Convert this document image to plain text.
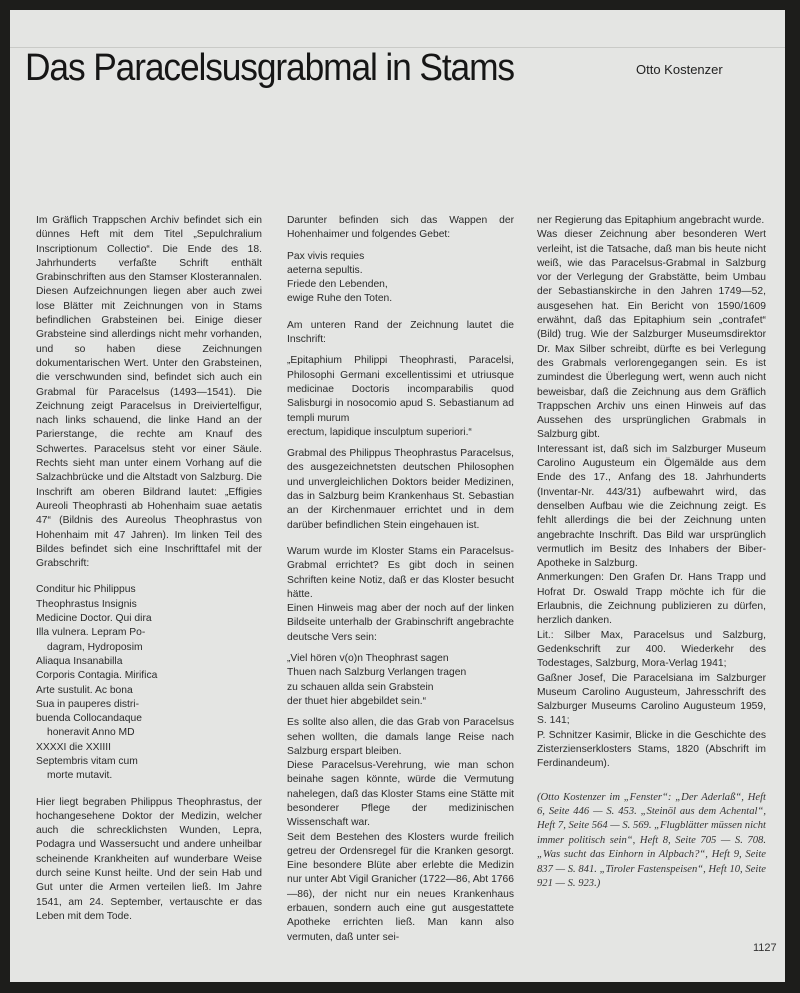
Das Paracelsusgrabmal in Stams	Otto Kostenzer

Im Gräflich Trappschen Archiv befindet sich ein dünnes Heft mit dem Titel „Sepulchralium Inscriptionum Collectio“. Die Ende des 18. Jahrhunderts verfaßte Schrift enthält Grabinschriften aus den Stamser Klosterannalen. Diesen Aufzeichnungen liegen aber auch zwei lose Blätter mit Zeichnungen von in Stams befindlichen Grabsteinen bei. Einige dieser Grabsteine sind allerdings nicht mehr vorhanden, und so haben diese Zeichnungen dokumentarischen Wert. Unter den Grabsteinen, die verschwunden sind, befindet sich auch ein Grabmal für Paracelsus (1493—1541). Die Zeichnung zeigt Paracelsus in Dreiviertelfigur, nach links schauend, die linke Hand an der Parierstange, die rechte am Knauf des Schwertes. Paracelsus steht vor einer Säule. Rechts sieht man unter einem Vorhang auf die Salzachbrücke und die Altstadt von Salzburg. Die Inschrift am oberen Bildrand lautet: „Effigies Aureoli Theophrasti ab Hohenhaim suae aetatis 47“ (Bildnis des Aureolus Theophrastus von Hohenhaim mit 47 Jahren). Im linken Teil des Bildes befindet sich eine Inschrifttafel mit der Grabschrift:

Conditur hic Philippus
Theophrastus Insignis
Medicine Doctor. Qui dira
Illa vulnera. Lepram Po-
dagram, Hydroposim
Aliaqua Insanabilla
Corporis Contagia. Mirifica
Arte sustulit. Ac bona
Sua in pauperes distri-
buenda Collocandaque
honeravit Anno MD
XXXXI die XXIIII
Septembris vitam cum
morte mutavit.

Hier liegt begraben Philippus Theophrastus, der hochangesehene Doktor der Medizin, welcher auch die schrecklichsten Wunden, Lepra, Podagra und Wassersucht und andere unheilbar scheinende Krankheiten auf wunderbare Weise durch seine Kunst heilte. Und der sein Hab und Gut unter die Armen verteilen ließ. Im Jahre 1541, am 24. September, vertauschte er das Leben mit dem Tode.

Darunter befinden sich das Wappen der Hohenhaimer und folgendes Gebet:

Pax vivis requies
aeterna sepultis.
Friede den Lebenden,
ewige Ruhe den Toten.

Am unteren Rand der Zeichnung lautet die Inschrift:

„Epitaphium Philippi Theophrasti, Paracelsi, Philosophi Germani excellentissimi et utriusque medicinae Doctoris incomparabilis quod Salisburgi in nosocomio apud S. Sebastianum ad templi murum

erectum, lapidique insculptum superiori.“

Grabmal des Philippus Theophrastus Paracelsus, des ausgezeichnetsten deutschen Philosophen und unvergleichlichen Doktors beider Medizinen, das in Salzburg beim Krankenhaus St. Sebastian an der Kirchenmauer errichtet und in dem darüber befindlichen Stein eingehauen ist.

Warum wurde im Kloster Stams ein Paracelsus-Grabmal errichtet? Es gibt doch in seinen Schriften keine Notiz, daß er das Kloster besucht hätte.

Einen Hinweis mag aber der noch auf der linken Bildseite unterhalb der Grabinschrift angebrachte deutsche Vers sein:

„Viel hören v(o)n Theophrast sagen
Thuen nach Salzburg Verlangen tragen
zu schauen allda sein Grabstein
der thuet hier abgebildet sein.“

Es sollte also allen, die das Grab von Paracelsus sehen wollten, die damals lange Reise nach Salzburg erspart bleiben.

Diese Paracelsus-Verehrung, wie man schon beinahe sagen könnte, würde die Vermutung nahelegen, daß das Kloster Stams eine Stätte mit besonderer Pflege der medizinischen Wissenschaft war.

Seit dem Bestehen des Klosters wurde freilich getreu der Ordensregel für die Kranken gesorgt. Eine besondere Blüte aber erlebte die Medizin nur unter Abt Vigil Granicher (1722—86, Abt 1766—86), der nicht nur ein neues Krankenhaus erbauen, sondern auch eine gut ausgestattete Apotheke errichten ließ. Man kann also vermuten, daß unter sei-

ner Regierung das Epitaphium angebracht wurde.

Was dieser Zeichnung aber besonderen Wert verleiht, ist die Tatsache, daß man bis heute nicht weiß, wie das Paracelsus-Grabmal in Salzburg vor der Verlegung der Grabstätte, beim Umbau der Sebastianskirche in den Jahren 1749—52, ausgesehen hat. Ein Bericht von 1590/1609 erwähnt, daß das Epitaphium sein „contrafet“ (Bild) trug. Wie der Salzburger Museumsdirektor Dr. Max Silber schreibt, dürfte es bei Verlegung des Grabmals verlorengegangen sein. Es ist zumindest die Überlegung wert, wenn auch nicht beweisbar, daß die Zeichnung aus dem Gräflich Trappschen Archiv uns einen Hinweis auf das Aussehen des ursprünglichen Grabmals in Salzburg gibt.

Interessant ist, daß sich im Salzburger Museum Carolino Augusteum ein Ölgemälde aus dem Ende des 17., Anfang des 18. Jahrhunderts (Inventar-Nr. 443/31) aufbewahrt wird, das denselben Aufbau wie die Zeichnung zeigt. Es fehlt allerdings die bei der Zeichnung unten angebrachte Inschrift. Das Bild war ursprünglich vermutlich im Besitz des Inhabers der Biber-Apotheke in Salzburg.

Anmerkungen: Den Grafen Dr. Hans Trapp und Hofrat Dr. Oswald Trapp möchte ich für die Erlaubnis, die Zeichnung publizieren zu dürfen, herzlich danken.

Lit.: Silber Max, Paracelsus und Salzburg, Gedenkschrift zur 400. Wiederkehr des Todestages, Salzburg, Mora-Verlag 1941;

Gaßner Josef, Die Paracelsiana im Salzburger Museum Carolino Augusteum, Jahresschrift des Salzburger Museums Carolino Augusteum 1959, S. 141;

P. Schnitzer Kasimir, Blicke in die Geschichte des Zisterzienserklosters Stams, 1820 (Abschrift im Ferdinandeum).

(Otto Kostenzer im „Fenster“: „Der Aderlaß“, Heft 6, Seite 446 — S. 453. „Steinöl aus dem Achental“, Heft 7, Seite 564 — S. 569. „Flugblätter müssen nicht immer politisch sein“, Heft 8, Seite 705 — S. 708. „Was sucht das Einhorn in Alpbach?“, Heft 9, Seite 837 — S. 841. „Tiroler Fastenspeisen“, Heft 10, Seite 921 — S. 923.)

1127
